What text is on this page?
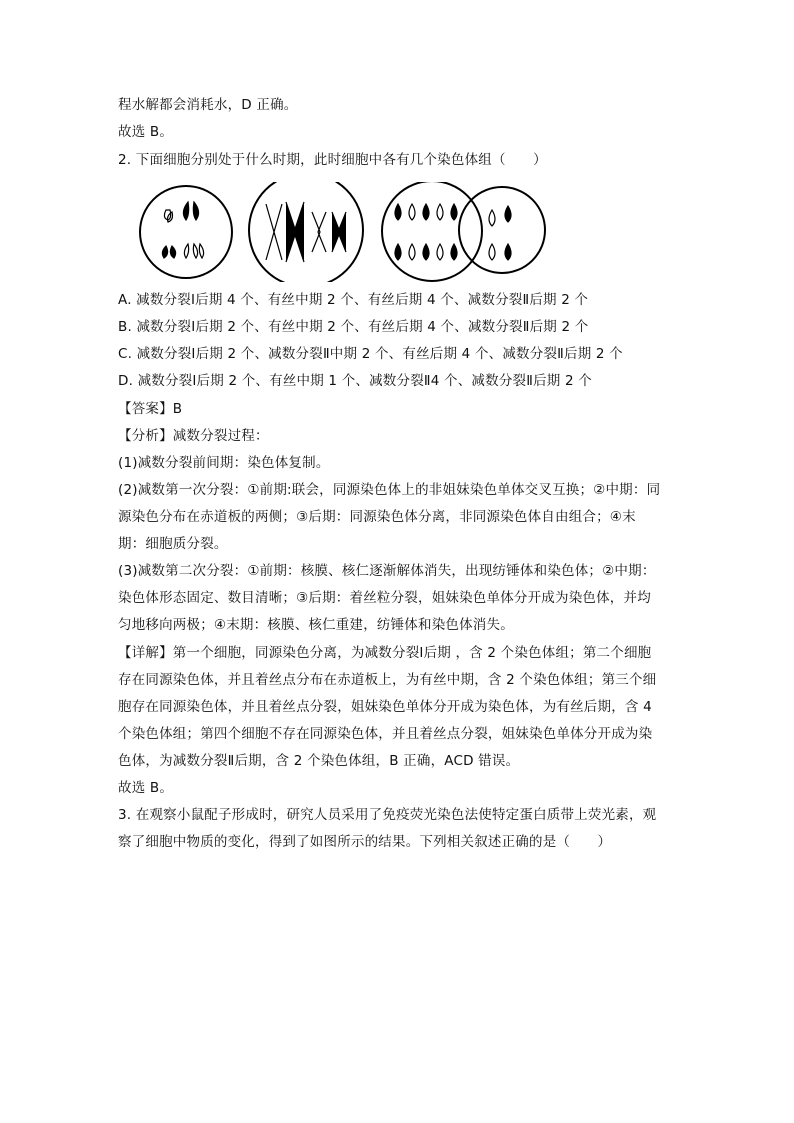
程水解都会消耗水，D 正确。
故选 B。
2. 下面细胞分别处于什么时期，此时细胞中各有几个染色体组（　　）
A. 减数分裂Ⅰ后期 4 个、有丝中期 2 个、有丝后期 4 个、减数分裂Ⅱ后期 2 个
B. 减数分裂Ⅰ后期 2 个、有丝中期 2 个、有丝后期 4 个、减数分裂Ⅱ后期 2 个
C. 减数分裂Ⅰ后期 2 个、减数分裂Ⅱ中期 2 个、有丝后期 4 个、减数分裂Ⅱ后期 2 个
D. 减数分裂Ⅰ后期 2 个、有丝中期 1 个、减数分裂Ⅱ4 个、减数分裂Ⅱ后期 2 个
【答案】B
【分析】减数分裂过程：
(1)减数分裂前间期：染色体复制。
(2)减数第一次分裂：①前期:联会，同源染色体上的非姐妹染色单体交叉互换；②中期：同
源染色分布在赤道板的两侧；③后期：同源染色体分离，非同源染色体自由组合；④末
期：细胞质分裂。
(3)减数第二次分裂：①前期：核膜、核仁逐渐解体消失，出现纺锤体和染色体；②中期：
染色体形态固定、数目清晰；③后期：着丝粒分裂，姐妹染色单体分开成为染色体，并均
匀地移向两极；④末期：核膜、核仁重建，纺锤体和染色体消失。
【详解】第一个细胞，同源染色分离，为减数分裂Ⅰ后期 ，含 2 个染色体组；第二个细胞
存在同源染色体，并且着丝点分布在赤道板上，为有丝中期，含 2 个染色体组；第三个细
胞存在同源染色体，并且着丝点分裂，姐妹染色单体分开成为染色体，为有丝后期，含 4
个染色体组；第四个细胞不存在同源染色体，并且着丝点分裂，姐妹染色单体分开成为染
色体，为减数分裂Ⅱ后期，含 2 个染色体组，B 正确，ACD 错误。
故选 B。
3. 在观察小鼠配子形成时，研究人员采用了免疫荧光染色法使特定蛋白质带上荧光素，观
察了细胞中物质的变化，得到了如图所示的结果。下列相关叙述正确的是（　　）
